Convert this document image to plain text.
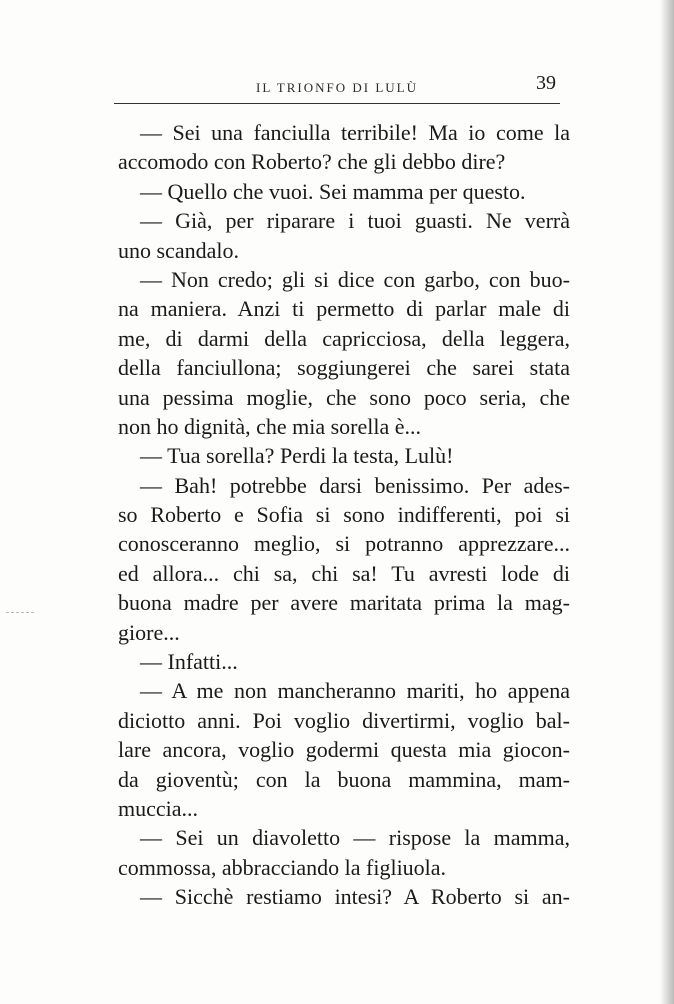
IL TRIONFO DI LULÙ	39
— Sei una fanciulla terribile! Ma io come la
accomodo con Roberto? che gli debbo dire?
— Quello che vuoi. Sei mamma per questo.
— Già, per riparare i tuoi guasti. Ne verrà
uno scandalo.
— Non credo; gli si dice con garbo, con buo-
na maniera. Anzi ti permetto di parlar male di
me, di darmi della capricciosa, della leggera,
della fanciullona; soggiungerei che sarei stata
una pessima moglie, che sono poco seria, che
non ho dignità, che mia sorella è...
— Tua sorella? Perdi la testa, Lulù!
— Bah! potrebbe darsi benissimo. Per ades-
so Roberto e Sofia si sono indifferenti, poi si
conosceranno meglio, si potranno apprezzare...
ed allora... chi sa, chi sa! Tu avresti lode di
buona madre per avere maritata prima la mag-
giore...
— Infatti...
— A me non mancheranno mariti, ho appena
diciotto anni. Poi voglio divertirmi, voglio bal-
lare ancora, voglio godermi questa mia giocon-
da gioventù; con la buona mammina, mam-
muccia...
— Sei un diavoletto — rispose la mamma,
commossa, abbracciando la figliuola.
— Sicchè restiamo intesi? A Roberto si an-
